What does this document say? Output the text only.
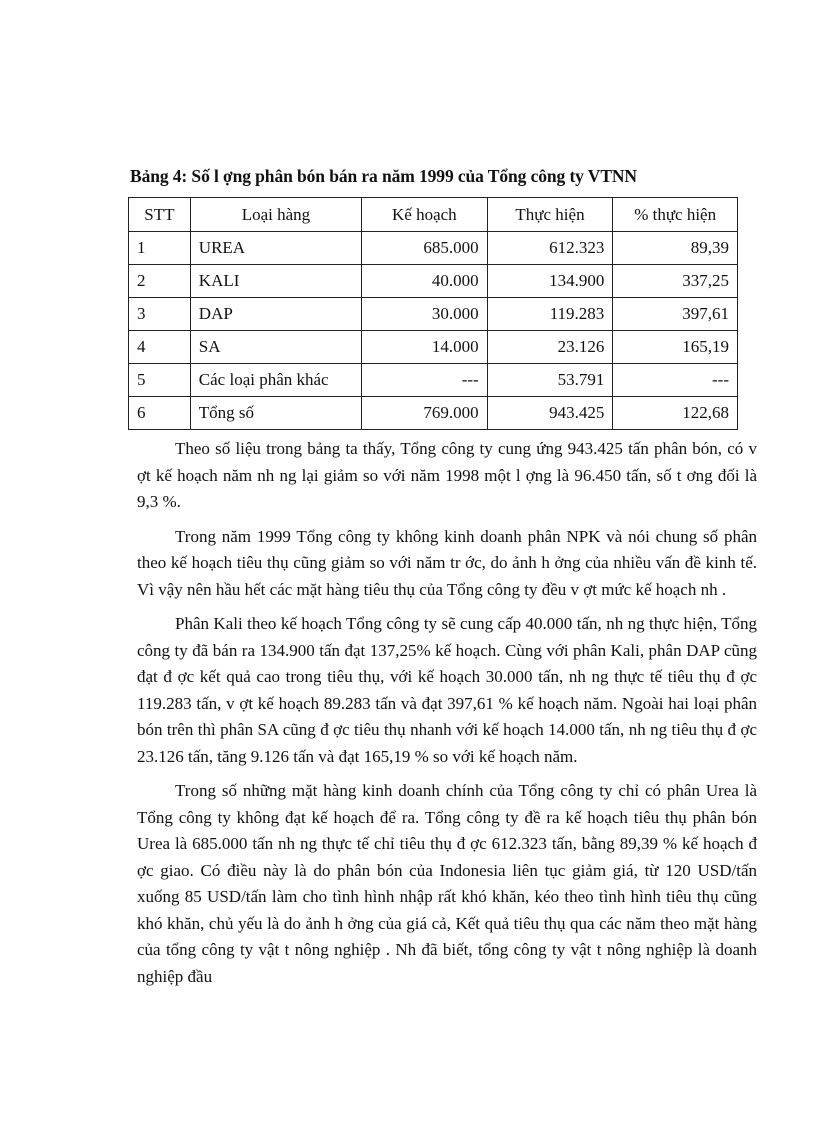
Bảng 4: Số l ợng phân bón bán ra năm 1999 của Tổng công ty VTNN

STT	Loại hàng	Kế hoạch	Thực hiện	% thực hiện
1	UREA	685.000	612.323	89,39
2	KALI	40.000	134.900	337,25
3	DAP	30.000	119.283	397,61
4	SA	14.000	23.126	165,19
5	Các loại phân khác	---	53.791	---
6	Tổng số	769.000	943.425	122,68

Theo số liệu trong bảng ta thấy, Tổng công ty cung ứng 943.425 tấn phân bón, có v ợt kế hoạch năm nh ng lại giảm so với năm 1998 một l ợng là 96.450 tấn, số t ơng đối là 9,3 %.

Trong năm 1999 Tổng công ty không kinh doanh phân NPK và nói chung số phân theo kế hoạch tiêu thụ cũng giảm so với năm tr ớc, do ảnh h ởng của nhiều vấn đề kinh tế. Vì vậy nên hầu hết các mặt hàng tiêu thụ của Tổng công ty đều v ợt mức kế hoạch nh .

Phân Kali theo kế hoạch Tổng công ty sẽ cung cấp 40.000 tấn, nh ng thực hiện, Tổng công ty đã bán ra 134.900 tấn đạt 137,25% kế hoạch. Cùng với phân Kali, phân DAP cũng đạt đ ợc kết quả cao trong tiêu thụ, với kế hoạch 30.000 tấn, nh ng thực tế tiêu thụ đ ợc 119.283 tấn, v ợt kế hoạch 89.283 tấn và đạt 397,61 % kế hoạch năm. Ngoài hai loại phân bón trên thì phân SA cũng đ ợc tiêu thụ nhanh với kế hoạch 14.000 tấn, nh ng tiêu thụ đ ợc 23.126 tấn, tăng 9.126 tấn và đạt 165,19 % so với kế hoạch năm.

Trong số những mặt hàng kinh doanh chính của Tổng công ty chỉ có phân Urea là Tổng công ty không đạt kế hoạch để ra. Tổng công ty đề ra kế hoạch tiêu thụ phân bón Urea là 685.000 tấn nh ng thực tế chỉ tiêu thụ đ ợc 612.323 tấn, bằng 89,39 % kế hoạch đ ợc giao. Có điều này là do phân bón của Indonesia liên tục giảm giá, từ 120 USD/tấn xuống 85 USD/tấn làm cho tình hình nhập rất khó khăn, kéo theo tình hình tiêu thụ cũng khó khăn, chủ yếu là do ảnh h ởng của giá cả, Kết quả tiêu thụ qua các năm theo mặt hàng của tổng công ty vật t nông nghiệp . Nh đã biết, tổng công ty vật t nông nghiệp là doanh nghiệp đầu
